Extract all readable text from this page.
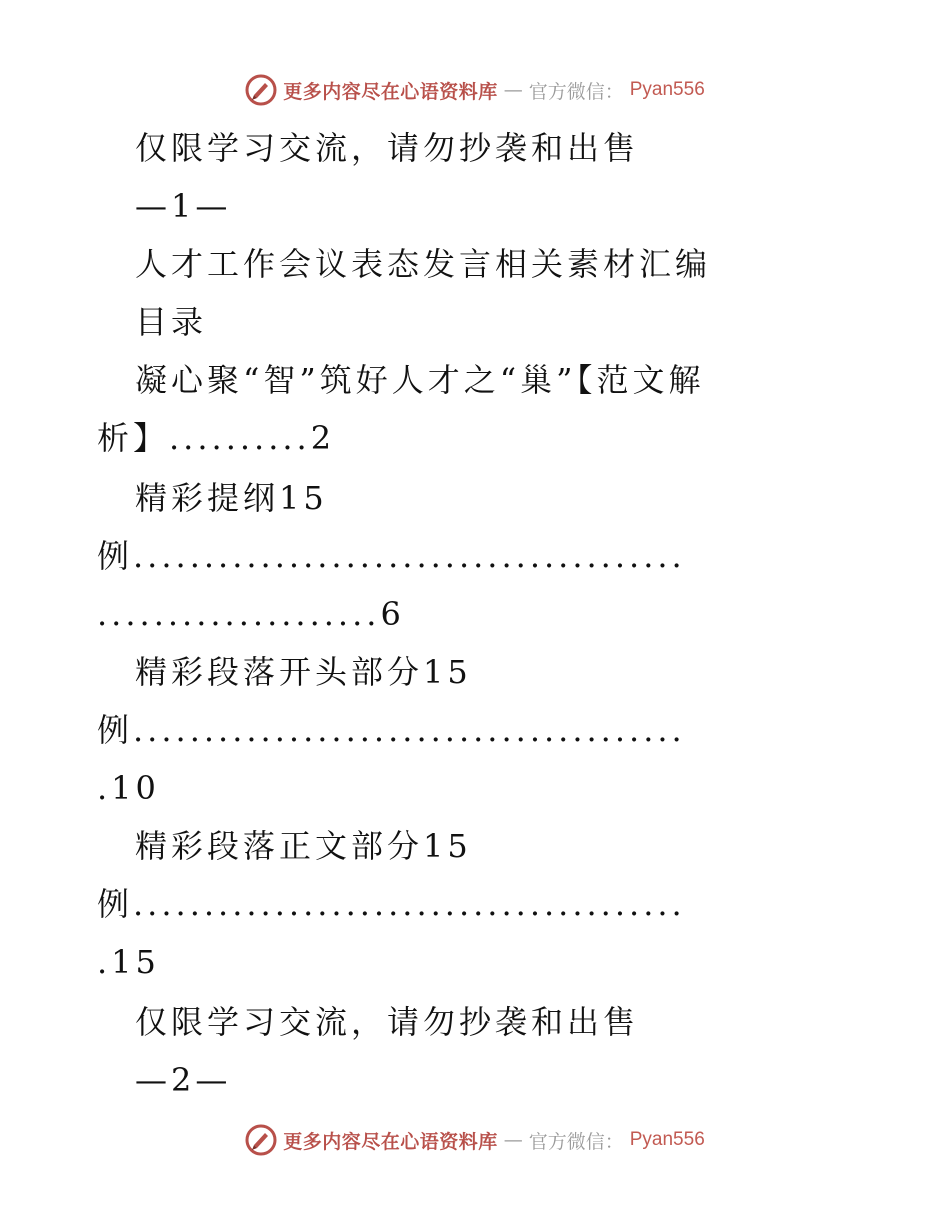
更多内容尽在心语资料库 — 官方微信： Pyan556
仅限学习交流，请勿抄袭和出售
—1—
人才工作会议表态发言相关素材汇编
目录
凝心聚“智”筑好人才之“巢”【范文解
析】..........2
精彩提纲15
例.......................................
....................6
精彩段落开头部分15
例.......................................
.10
精彩段落正文部分15
例.......................................
.15
仅限学习交流，请勿抄袭和出售
—2—
更多内容尽在心语资料库 — 官方微信： Pyan556
